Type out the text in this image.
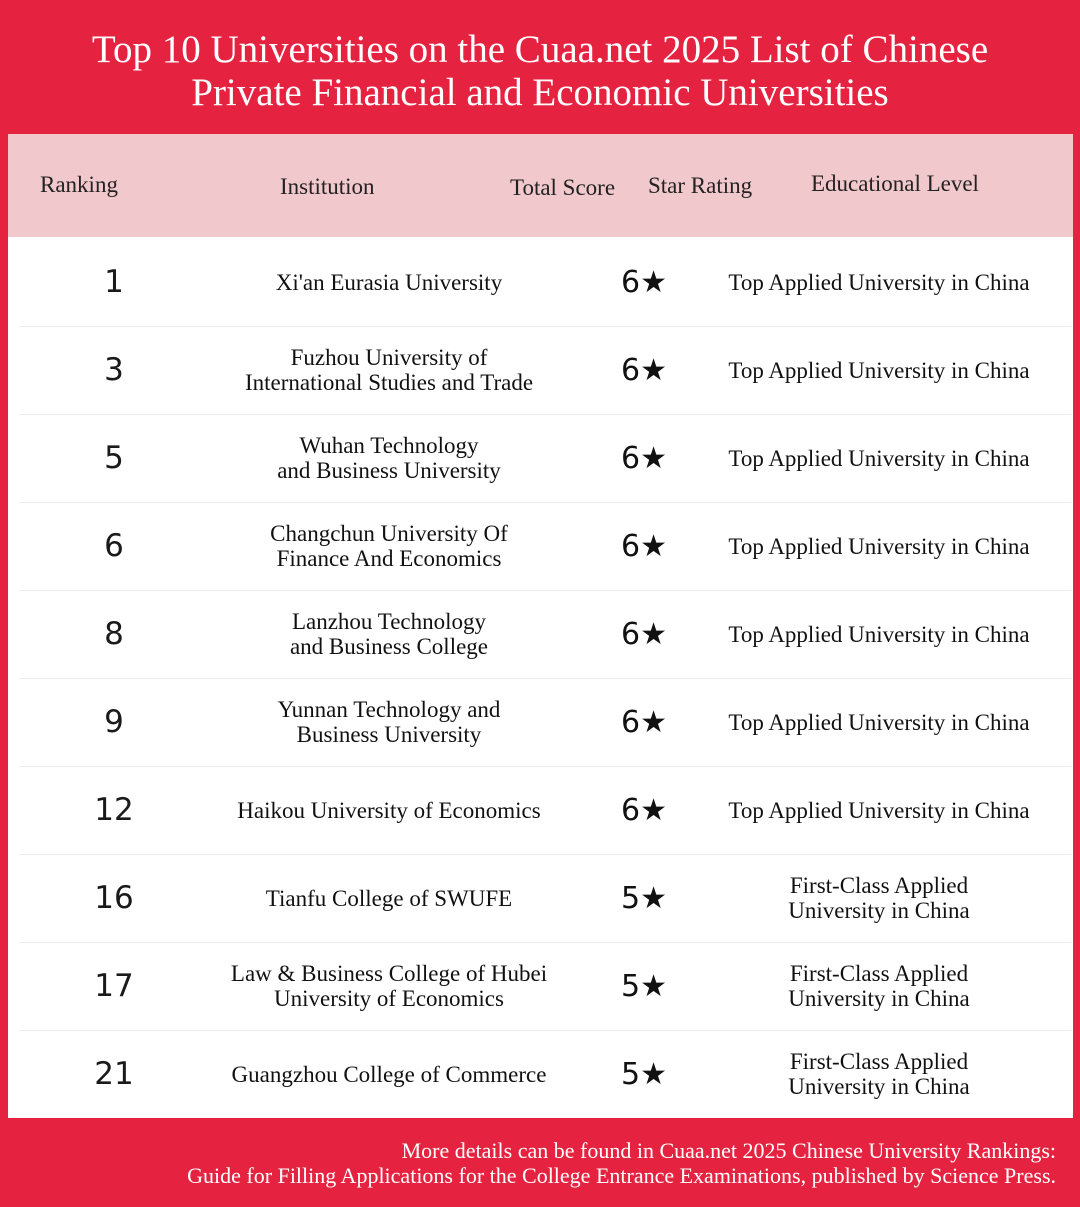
Top 10 Universities on the Cuaa.net 2025 List of Chinese
Private Financial and Economic Universities
Ranking	Institution	Total Score Star Rating	Educational Level
1	Xi'an Eurasia University	6★	Top Applied University in China
3	Fuzhou University of
International Studies and Trade	6★	Top Applied University in China
5	Wuhan Technology
and Business University	6★	Top Applied University in China
6	Changchun University Of
Finance And Economics	6★	Top Applied University in China
8	Lanzhou Technology
and Business College	6★	Top Applied University in China
9	Yunnan Technology and
Business University	6★	Top Applied University in China
12	Haikou University of Economics	6★	Top Applied University in China
16	Tianfu College of SWUFE	5★	First-Class Applied
University in China
17	Law & Business College of Hubei
University of Economics	5★	First-Class Applied
University in China
21	Guangzhou College of Commerce	5★	First-Class Applied
University in China
More details can be found in Cuaa.net 2025 Chinese University Rankings:
Guide for Filling Applications for the College Entrance Examinations, published by Science Press.
